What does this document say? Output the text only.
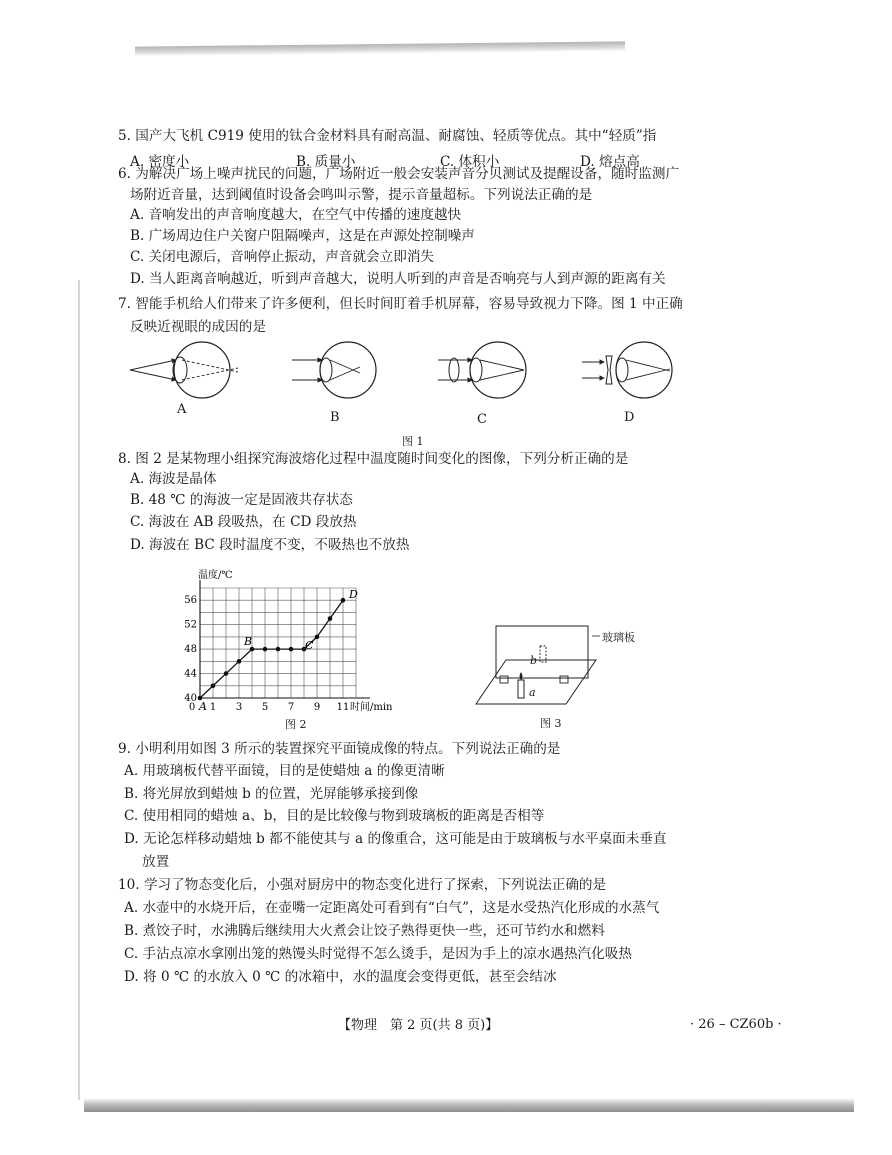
5. 国产大飞机 C919 使用的钛合金材料具有耐高温、耐腐蚀、轻质等优点。其中“轻质”指
A. 密度小	B. 质量小	C. 体积小	D. 熔点高
6. 为解决广场上噪声扰民的问题，广场附近一般会安装声音分贝测试及提醒设备，随时监测广
场附近音量，达到阈值时设备会鸣叫示警，提示音量超标。下列说法正确的是
A. 音响发出的声音响度越大，在空气中传播的速度越快
B. 广场周边住户关窗户阻隔噪声，这是在声源处控制噪声
C. 关闭电源后，音响停止振动，声音就会立即消失
D. 当人距离音响越近，听到声音越大，说明人听到的声音是否响亮与人到声源的距离有关
7. 智能手机给人们带来了许多便利，但长时间盯着手机屏幕，容易导致视力下降。图 1 中正确
反映近视眼的成因的是
A
B	C	D
图 1
8. 图 2 是某物理小组探究海波熔化过程中温度随时间变化的图像，下列分析正确的是
A. 海波是晶体
B. 48 ℃ 的海波一定是固液共存状态
C. 海波在 AB 段吸热，在 CD 段放热
D. 海波在 BC 段时温度不变，不吸热也不放热
1 3 5 7 9 11
40
44
48
52
56
0
温度/℃
时间/min
A
B	C
D
图 2
玻璃板
b
a
图 3
9. 小明利用如图 3 所示的装置探究平面镜成像的特点。下列说法正确的是
A. 用玻璃板代替平面镜，目的是使蜡烛 a 的像更清晰
B. 将光屏放到蜡烛 b 的位置，光屏能够承接到像
C. 使用相同的蜡烛 a、b，目的是比较像与物到玻璃板的距离是否相等
D. 无论怎样移动蜡烛 b 都不能使其与 a 的像重合，这可能是由于玻璃板与水平桌面未垂直
放置
10. 学习了物态变化后，小强对厨房中的物态变化进行了探索，下列说法正确的是
A. 水壶中的水烧开后，在壶嘴一定距离处可看到有“白气”，这是水受热汽化形成的水蒸气
B. 煮饺子时，水沸腾后继续用大火煮会让饺子熟得更快一些，还可节约水和燃料
C. 手沾点凉水拿刚出笼的熟馒头时觉得不怎么烫手，是因为手上的凉水遇热汽化吸热
D. 将 0 ℃ 的水放入 0 ℃ 的冰箱中，水的温度会变得更低，甚至会结冰
【物理　第 2 页(共 8 页)】	· 26 – CZ60b ·
